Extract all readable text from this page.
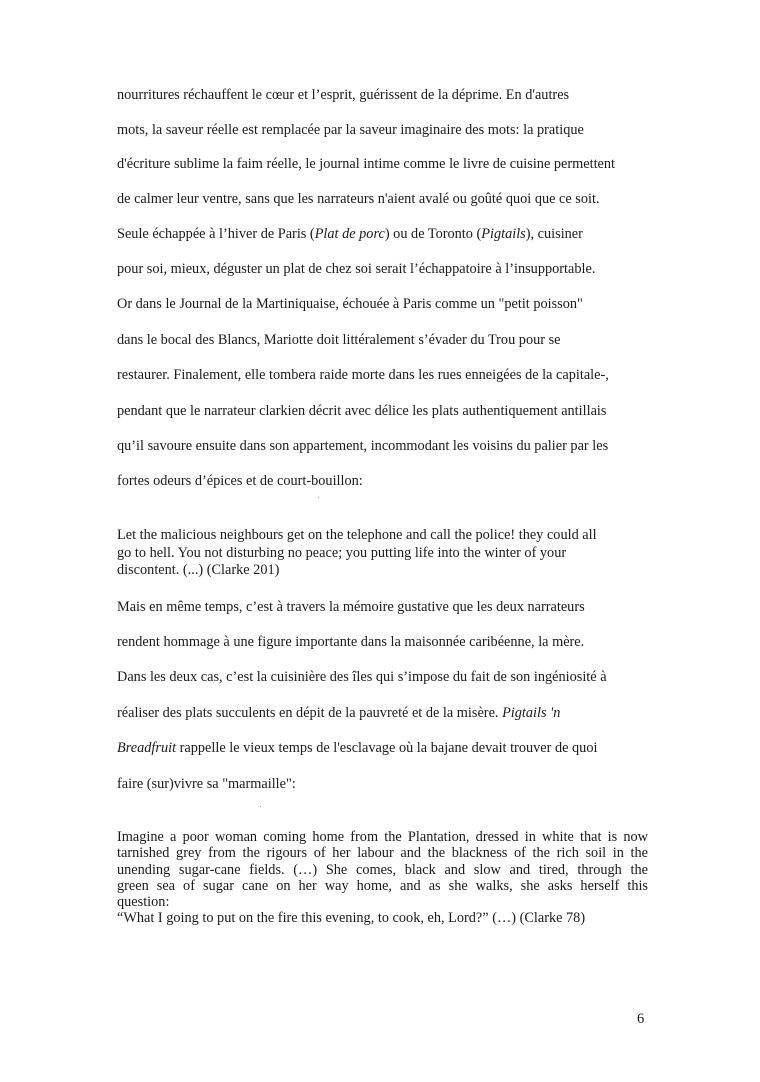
nourritures réchauffent le cœur et l’esprit, guérissent de la déprime. En d'autres

mots, la saveur réelle est remplacée par la saveur imaginaire des mots: la pratique

d'écriture sublime la faim réelle, le journal intime comme le livre de cuisine permettent

de calmer leur ventre, sans que les narrateurs n'aient avalé ou goûté quoi que ce soit.

Seule échappée à l’hiver de Paris (Plat de porc) ou de Toronto (Pigtails), cuisiner

pour soi, mieux, déguster un plat de chez soi serait l’échappatoire à l’insupportable.

Or dans le Journal de la Martiniquaise, échouée à Paris comme un "petit poisson"

dans le bocal des Blancs, Mariotte doit littéralement s’évader du Trou pour se

restaurer. Finalement, elle tombera raide morte dans les rues enneigées de la capitale-,

pendant que le narrateur clarkien décrit avec délice les plats authentiquement antillais

qu’il savoure ensuite dans son appartement, incommodant les voisins du palier par les

fortes odeurs d’épices et de court-bouillon:

Let the malicious neighbours get on the telephone and call the police! they could all

go to hell. You not disturbing no peace; you putting life into the winter of your

discontent. (...) (Clarke 201)

Mais en même temps, c’est à travers la mémoire gustative que les deux narrateurs

rendent hommage à une figure importante dans la maisonnée caribéenne, la mère.

Dans les deux cas, c’est la cuisinière des îles qui s’impose du fait de son ingéniosité à

réaliser des plats succulents en dépit de la pauvreté et de la misère. Pigtails 'n

Breadfruit rappelle le vieux temps de l'esclavage où la bajane devait trouver de quoi

faire (sur)vivre sa "marmaille":

Imagine a poor woman coming home from the Plantation, dressed in white that is now
tarnished grey from the rigours of her labour and the blackness of the rich soil in the
unending sugar-cane fields. (…) She comes, black and slow and tired, through the
green sea of sugar cane on her way home, and as she walks, she asks herself this
question:
“What I going to put on the fire this evening, to cook, eh, Lord?” (…) (Clarke 78)
6
